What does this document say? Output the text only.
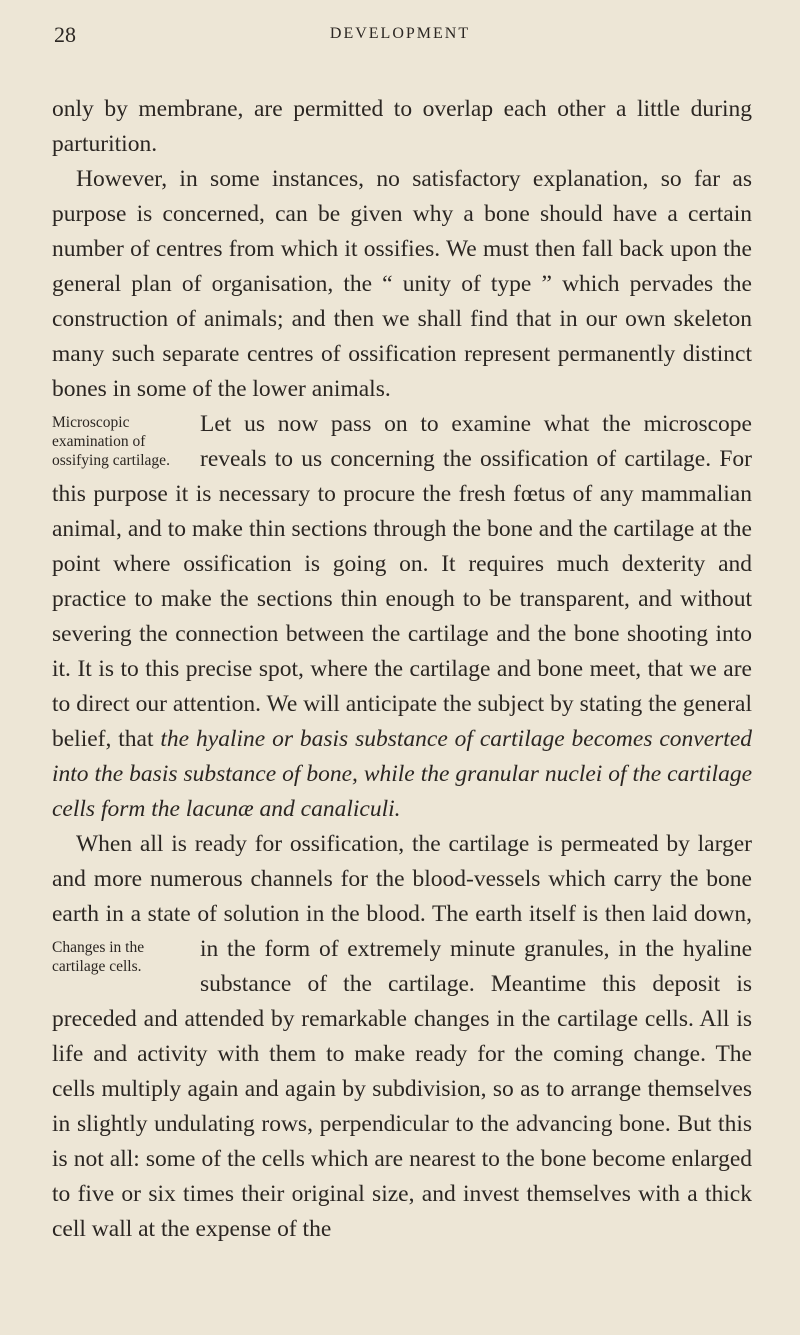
28	DEVELOPMENT

only by membrane, are permitted to overlap each other a little during parturition.

However, in some instances, no satisfactory explanation, so far as purpose is concerned, can be given why a bone should have a certain number of centres from which it ossifies. We must then fall back upon the general plan of organisation, the “ unity of type ” which pervades the construction of animals; and then we shall find that in our own skeleton many such separate centres of ossification represent permanently distinct bones in some of the lower animals.

Microscopic examination of ossifying cartilage.
Let us now pass on to examine what the microscope reveals to us concerning the ossification of cartilage. For this purpose it is necessary to procure the fresh fœtus of any mammalian animal, and to make thin sections through the bone and the cartilage at the point where ossification is going on. It requires much dexterity and practice to make the sections thin enough to be transparent, and without severing the connection between the cartilage and the bone shooting into it. It is to this precise spot, where the cartilage and bone meet, that we are to direct our attention. We will anticipate the subject by stating the general belief, that the hyaline or basis substance of cartilage becomes converted into the basis substance of bone, while the granular nuclei of the cartilage cells form the lacunæ and canaliculi.

When all is ready for ossification, the cartilage is permeated by larger and more numerous channels for the blood-vessels which carry the bone earth in a state of solution in the blood. The earth itself is then laid down, in the form of extremely minute
Changes in the cartilage cells.
granules, in the hyaline substance of the cartilage. Meantime this deposit is preceded and attended by remarkable changes in the cartilage cells. All is life and activity with them to make ready for the coming change. The cells multiply again and again by subdivision, so as to arrange themselves in slightly undulating rows, perpendicular to the advancing bone. But this is not all: some of the cells which are nearest to the bone become enlarged to five or six times their original size, and invest themselves with a thick cell wall at the expense of the
